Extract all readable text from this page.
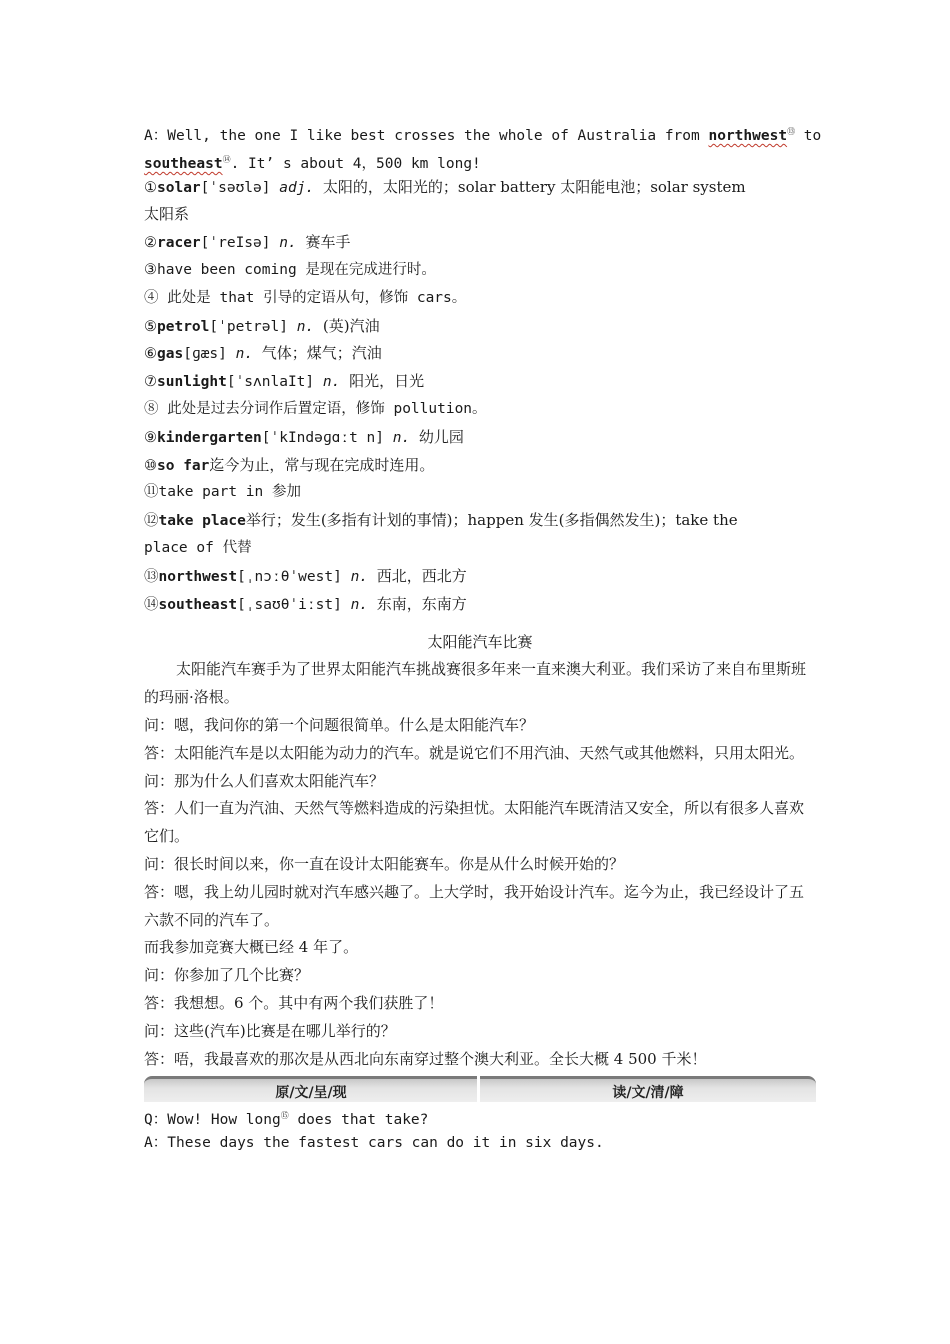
A：Well, the one I like best crosses the whole of Australia from northwest⑬ to
southeast⑭. It’ s about 4，500 km long!
①solar[ˈsəʊlə] adj. 太阳的，太阳光的；solar battery 太阳能电池；solar system
太阳系
②racer[ˈreIsə] n. 赛车手
③have been coming 是现在完成进行时。
④ 此处是 that 引导的定语从句，修饰 cars。
⑤petrol[ˈpetrəl] n. (英)汽油
⑥gas[ɡæs] n. 气体；煤气；汽油
⑦sunlight[ˈsʌnlaIt] n. 阳光，日光
⑧ 此处是过去分词作后置定语，修饰 pollution。
⑨kindergarten[ˈkIndəɡɑːt n] n. 幼儿园
⑩so far迄今为止，常与现在完成时连用。
⑪take part in 参加
⑫take place举行；发生(多指有计划的事情)；happen 发生(多指偶然发生)；take the
place of 代替
⑬northwest[ˌnɔːθˈwest] n. 西北，西北方
⑭southeast[ˌsaʊθˈiːst] n. 东南，东南方
太阳能汽车比赛
太阳能汽车赛手为了世界太阳能汽车挑战赛很多年来一直来澳大利亚。我们采访了来自布里斯班的玛丽·洛根。
问：嗯，我问你的第一个问题很简单。什么是太阳能汽车？
答：太阳能汽车是以太阳能为动力的汽车。就是说它们不用汽油、天然气或其他燃料，只用太阳光。
问：那为什么人们喜欢太阳能汽车？
答：人们一直为汽油、天然气等燃料造成的污染担忧。太阳能汽车既清洁又安全，所以有很多人喜欢它们。
问：很长时间以来，你一直在设计太阳能赛车。你是从什么时候开始的？
答：嗯，我上幼儿园时就对汽车感兴趣了。上大学时，我开始设计汽车。迄今为止，我已经设计了五六款不同的汽车了。
而我参加竞赛大概已经 4 年了。
问：你参加了几个比赛？
答：我想想。6 个。其中有两个我们获胜了！
问：这些(汽车)比赛是在哪儿举行的？
答：唔，我最喜欢的那次是从西北向东南穿过整个澳大利亚。全长大概 4 500 千米！
原/文/呈/现	读/文/清/障
Q：Wow! How long⑮ does that take?
A：These days the fastest cars can do it in six days.
